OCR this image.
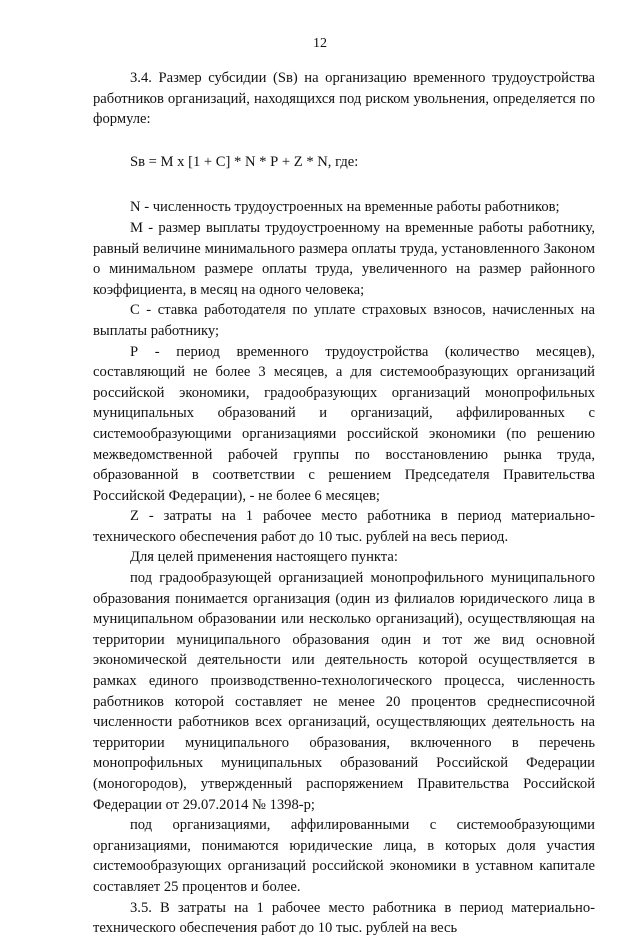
12

3.4. Размер субсидии (Sв) на организацию временного трудоустройства работников организаций, находящихся под риском увольнения, определяется по формуле:

Sв = М х [1 + С] * N * Р + Z * N, где:

N - численность трудоустроенных на временные работы работников;

М - размер выплаты трудоустроенному на временные работы работнику, равный величине минимального размера оплаты труда, установленного Законом о минимальном размере оплаты труда, увеличенного на размер районного коэффициента, в месяц на одного человека;

С - ставка работодателя по уплате страховых взносов, начисленных на выплаты работнику;

Р - период временного трудоустройства (количество месяцев), составляющий не более 3 месяцев, а для системообразующих организаций российской экономики, градообразующих организаций монопрофильных муниципальных образований и организаций, аффилированных с системообразующими организациями российской экономики (по решению межведомственной рабочей группы по восстановлению рынка труда, образованной в соответствии с решением Председателя Правительства Российской Федерации), - не более 6 месяцев;

Z - затраты на 1 рабочее место работника в период материально-технического обеспечения работ до 10 тыс. рублей на весь период.

Для целей применения настоящего пункта:

под градообразующей организацией монопрофильного муниципального образования понимается организация (один из филиалов юридического лица в муниципальном образовании или несколько организаций), осуществляющая на территории муниципального образования один и тот же вид основной экономической деятельности или деятельность которой осуществляется в рамках единого производственно-технологического процесса, численность работников которой составляет не менее 20 процентов среднесписочной численности работников всех организаций, осуществляющих деятельность на территории муниципального образования, включенного в перечень монопрофильных муниципальных образований Российской Федерации (моногородов), утвержденный распоряжением Правительства Российской Федерации от 29.07.2014 № 1398-р;

под организациями, аффилированными с системообразующими организациями, понимаются юридические лица, в которых доля участия системообразующих организаций российской экономики в уставном капитале составляет 25 процентов и более.

3.5. В затраты на 1 рабочее место работника в период материально-технического обеспечения работ до 10 тыс. рублей на весь
